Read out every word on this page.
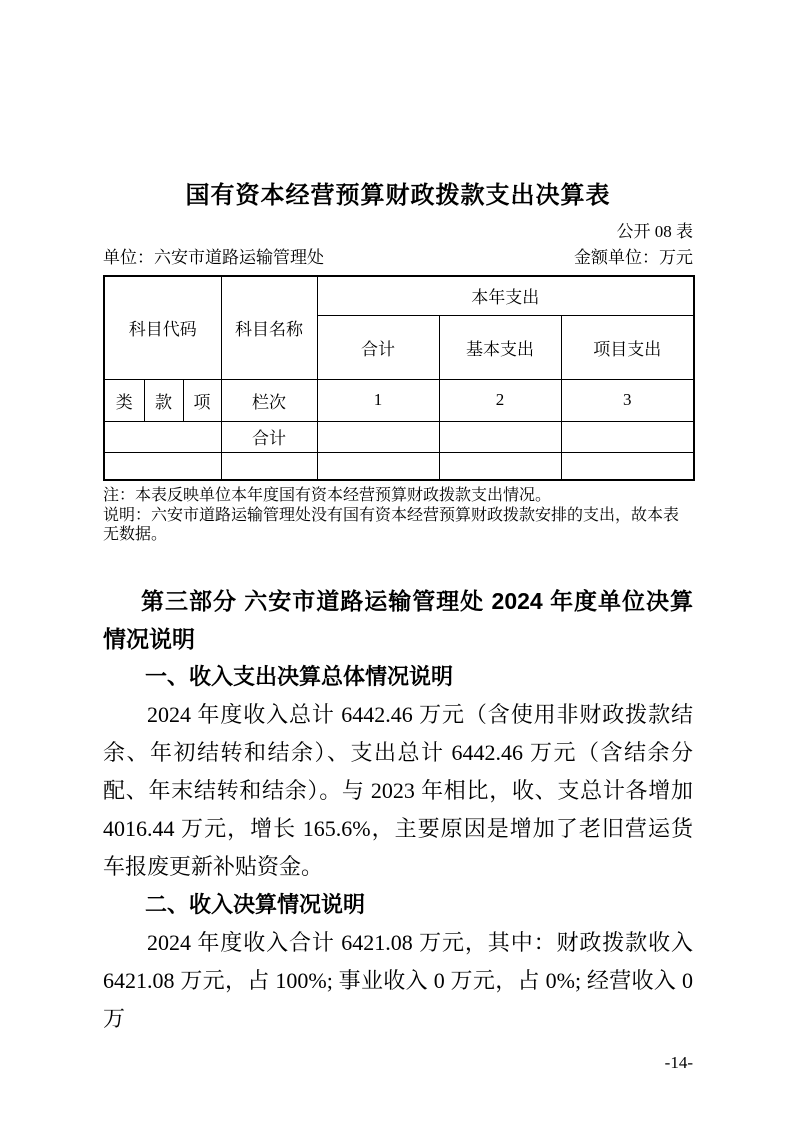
国有资本经营预算财政拨款支出决算表
公开 08 表
单位：六安市道路运输管理处	金额单位：万元
科目代码			科目名称	本年支出		
				合计	基本支出	项目支出
类	款	项	栏次	1	2	3
			合计			

注：本表反映单位本年度国有资本经营预算财政拨款支出情况。
说明：六安市道路运输管理处没有国有资本经营预算财政拨款安排的支出，故本表无数据。
第三部分 六安市道路运输管理处 2024 年度单位决算情况说明
一、收入支出决算总体情况说明

2024 年度收入总计 6442.46 万元（含使用非财政拨款结余、年初结转和结余）、支出总计 6442.46 万元（含结余分配、年末结转和结余）。与 2023 年相比，收、支总计各增加 4016.44 万元，增长 165.6%，主要原因是增加了老旧营运货车报废更新补贴资金。

二、收入决算情况说明

2024 年度收入合计 6421.08 万元，其中：财政拨款收入 6421.08 万元，占 100%; 事业收入 0 万元，占 0%; 经营收入 0 万

-14-
